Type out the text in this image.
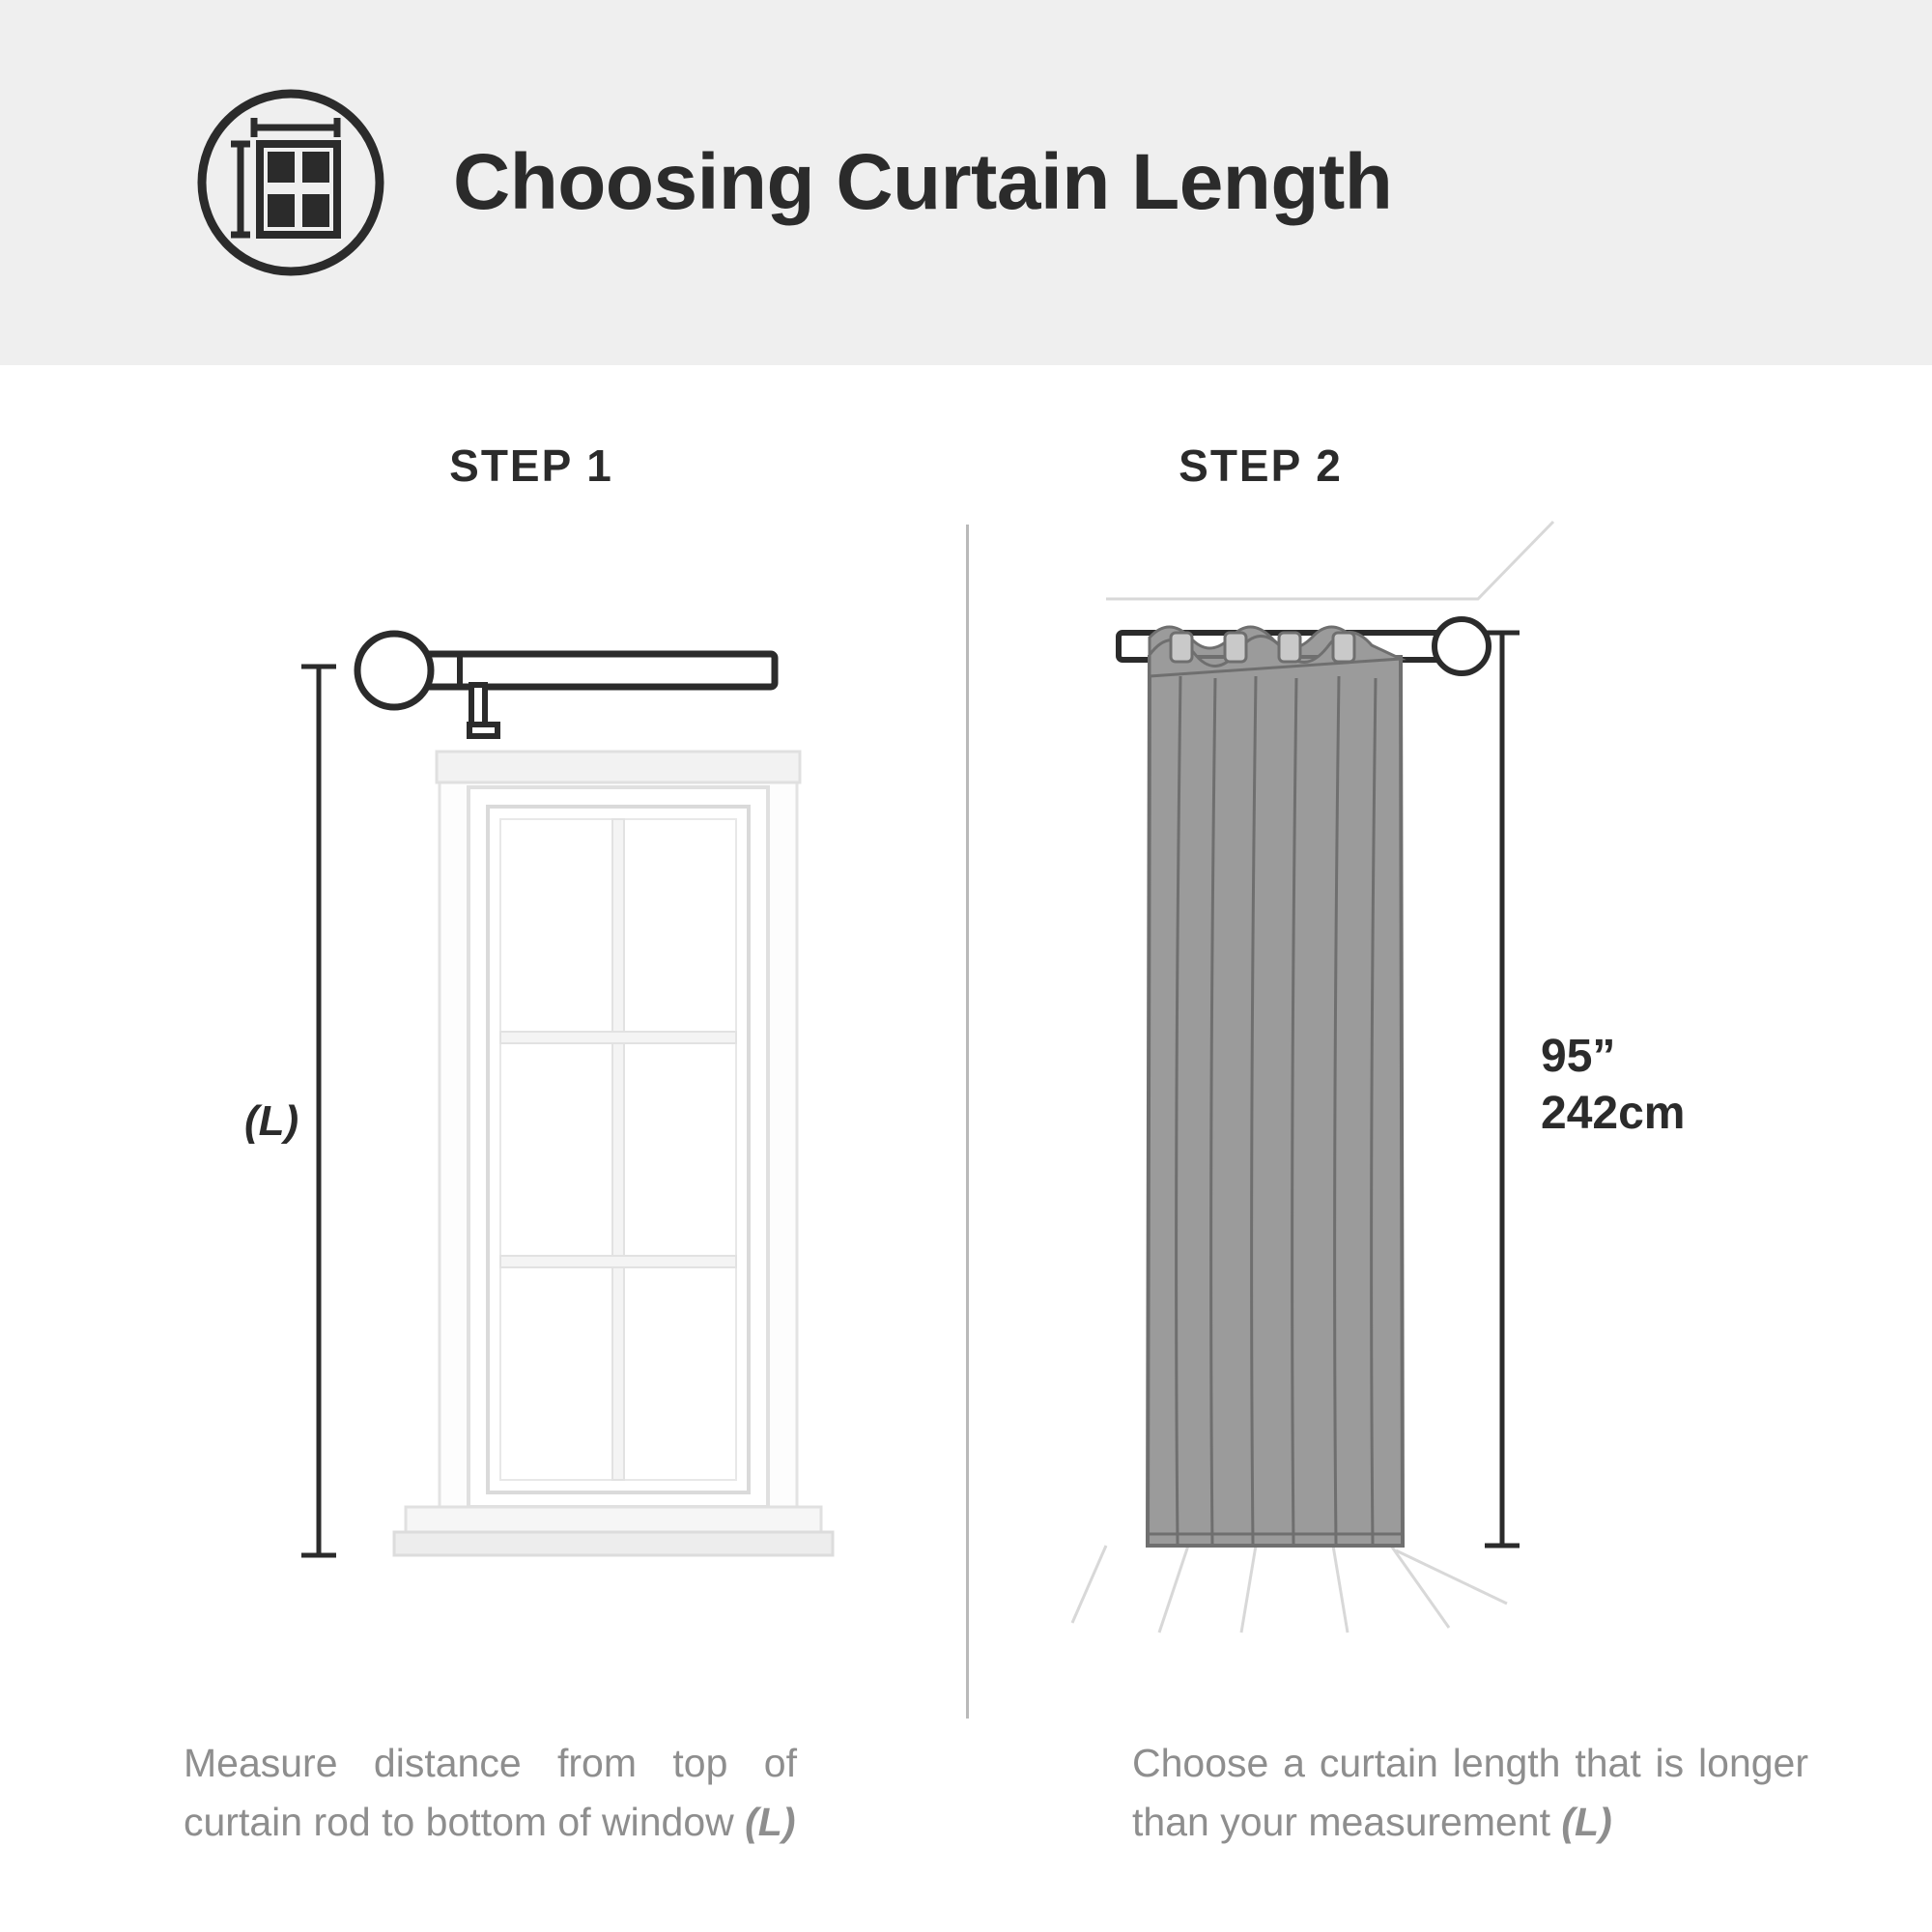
Choosing Curtain Length
STEP 1	STEP 2
(L)
95”
242cm
Measure distance from top of curtain rod to bottom of window (L)
Choose a curtain length that is longer than your measurement (L)
